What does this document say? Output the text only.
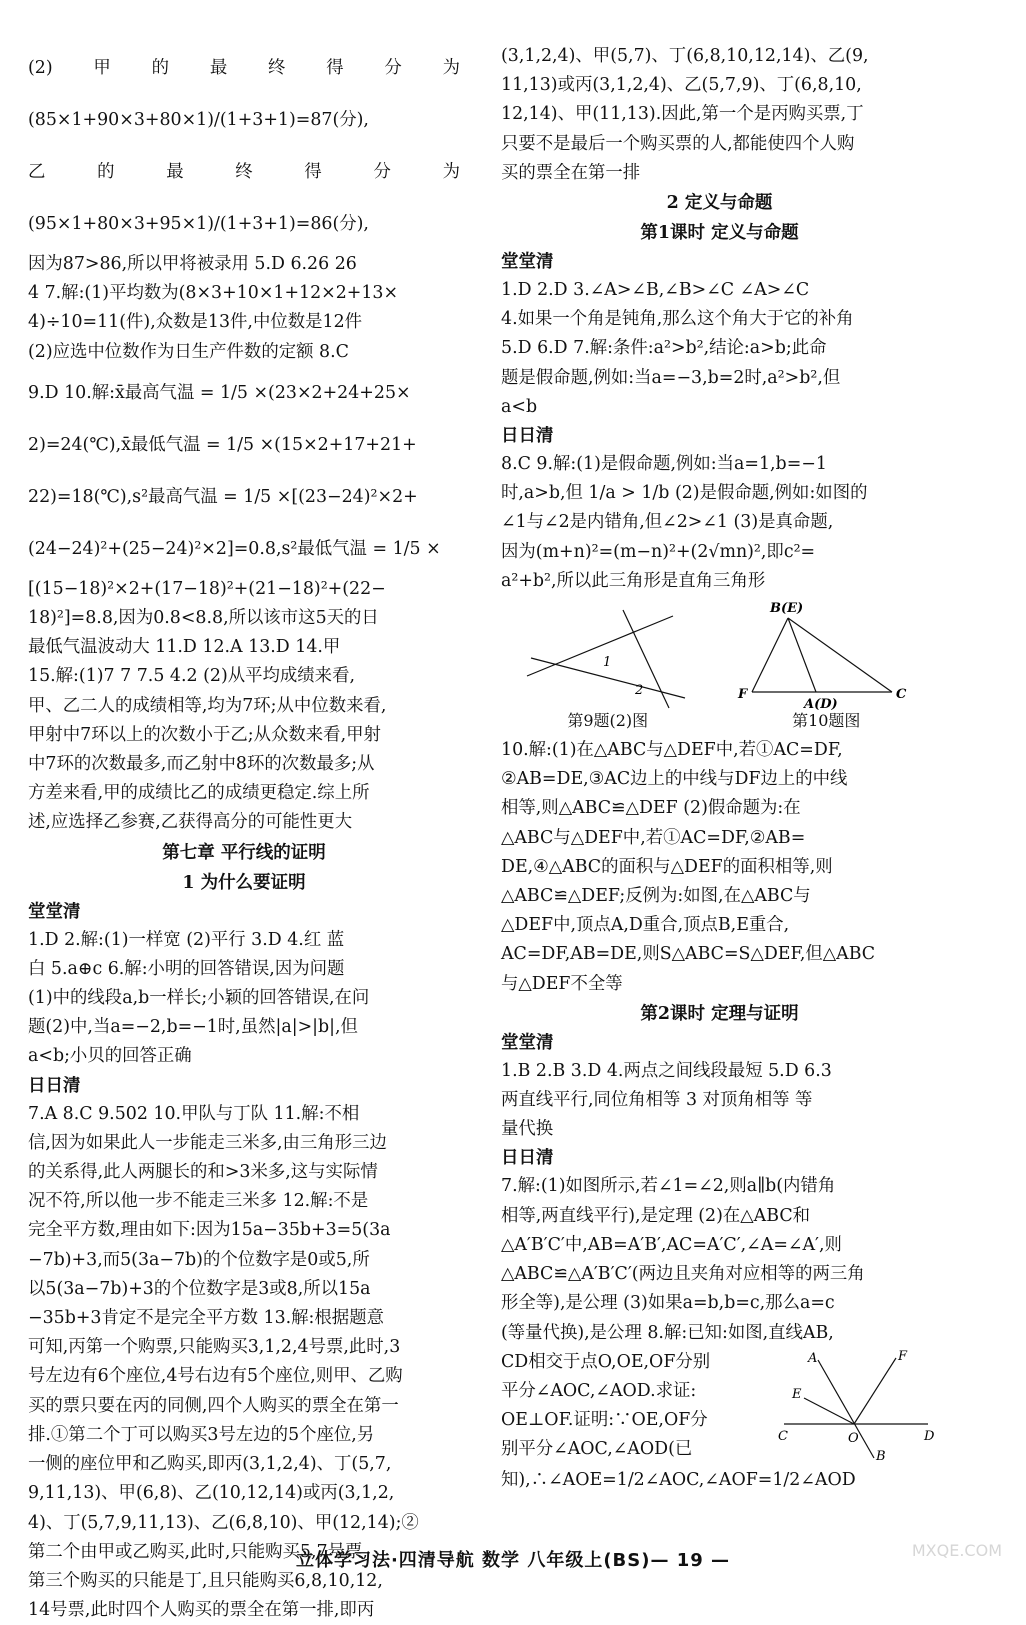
(2)甲的最终得分为(85×1+90×3+80×1)/(1+3+1)=87(分),

乙的最终得分为(95×1+80×3+95×1)/(1+3+1)=86(分),

因为87>86,所以甲将被录用 5.D 6.26 26

4 7.解:(1)平均数为(8×3+10×1+12×2+13×

4)÷10=11(件),众数是13件,中位数是12件

(2)应选中位数作为日生产件数的定额 8.C

9.D 10.解:x̄最高气温 = 1/5 ×(23×2+24+25×

2)=24(℃),x̄最低气温 = 1/5 ×(15×2+17+21+

22)=18(℃),s²最高气温 = 1/5 ×[(23−24)²×2+

(24−24)²+(25−24)²×2]=0.8,s²最低气温 = 1/5 ×

[(15−18)²×2+(17−18)²+(21−18)²+(22−

18)²]=8.8,因为0.8<8.8,所以该市这5天的日

最低气温波动大 11.D 12.A 13.D 14.甲

15.解:(1)7 7 7.5 4.2 (2)从平均成绩来看,

甲、乙二人的成绩相等,均为7环;从中位数来看,

甲射中7环以上的次数小于乙;从众数来看,甲射

中7环的次数最多,而乙射中8环的次数最多;从

方差来看,甲的成绩比乙的成绩更稳定.综上所

述,应选择乙参赛,乙获得高分的可能性更大

第七章 平行线的证明

1 为什么要证明

堂堂清

1.D 2.解:(1)一样宽 (2)平行 3.D 4.红 蓝

白 5.a⊕c 6.解:小明的回答错误,因为问题

(1)中的线段a,b一样长;小颖的回答错误,在问

题(2)中,当a=−2,b=−1时,虽然|a|>|b|,但

a<b;小贝的回答正确

日日清

7.A 8.C 9.502 10.甲队与丁队 11.解:不相

信,因为如果此人一步能走三米多,由三角形三边

的关系得,此人两腿长的和>3米多,这与实际情

况不符,所以他一步不能走三米多 12.解:不是

完全平方数,理由如下:因为15a−35b+3=5(3a

−7b)+3,而5(3a−7b)的个位数字是0或5,所

以5(3a−7b)+3的个位数字是3或8,所以15a

−35b+3肯定不是完全平方数 13.解:根据题意

可知,丙第一个购票,只能购买3,1,2,4号票,此时,3

号左边有6个座位,4号右边有5个座位,则甲、乙购

买的票只要在丙的同侧,四个人购买的票全在第一

排.①第二个丁可以购买3号左边的5个座位,另

一侧的座位甲和乙购买,即丙(3,1,2,4)、丁(5,7,

9,11,13)、甲(6,8)、乙(10,12,14)或丙(3,1,2,

4)、丁(5,7,9,11,13)、乙(6,8,10)、甲(12,14);②

第二个由甲或乙购买,此时,只能购买5,7号票,

第三个购买的只能是丁,且只能购买6,8,10,12,

14号票,此时四个人购买的票全在第一排,即丙

(3,1,2,4)、甲(5,7)、丁(6,8,10,12,14)、乙(9,

11,13)或丙(3,1,2,4)、乙(5,7,9)、丁(6,8,10,

12,14)、甲(11,13).因此,第一个是丙购买票,丁

只要不是最后一个购买票的人,都能使四个人购

买的票全在第一排

2 定义与命题

第1课时 定义与命题

堂堂清

1.D 2.D 3.∠A>∠B,∠B>∠C ∠A>∠C

4.如果一个角是钝角,那么这个角大于它的补角

5.D 6.D 7.解:条件:a²>b²,结论:a>b;此命

题是假命题,例如:当a=−3,b=2时,a²>b²,但

a<b

日日清

8.C 9.解:(1)是假命题,例如:当a=1,b=−1

时,a>b,但 1/a > 1/b (2)是假命题,例如:如图的

∠1与∠2是内错角,但∠2>∠1 (3)是真命题,

因为(m+n)²=(m−n)²+(2√mn)²,即c²=

a²+b²,所以此三角形是直角三角形

1
2
第9题(2)图
B(E)
F
A(D)
C
第10题图

10.解:(1)在△ABC与△DEF中,若①AC=DF,

②AB=DE,③AC边上的中线与DF边上的中线

相等,则△ABC≌△DEF (2)假命题为:在

△ABC与△DEF中,若①AC=DF,②AB=

DE,④△ABC的面积与△DEF的面积相等,则

△ABC≌△DEF;反例为:如图,在△ABC与

△DEF中,顶点A,D重合,顶点B,E重合,

AC=DF,AB=DE,则S△ABC=S△DEF,但△ABC

与△DEF不全等

第2课时 定理与证明

堂堂清

1.B 2.B 3.D 4.两点之间线段最短 5.D 6.3

两直线平行,同位角相等 3 对顶角相等 等

量代换

日日清

7.解:(1)如图所示,若∠1=∠2,则a∥b(内错角

相等,两直线平行),是定理 (2)在△ABC和

△A′B′C′中,AB=A′B′,AC=A′C′,∠A=∠A′,则

△ABC≌△A′B′C′(两边且夹角对应相等的两三角

形全等),是公理 (3)如果a=b,b=c,那么a=c

(等量代换),是公理 8.解:已知:如图,直线AB,

A	F
E
C	O	D
B

CD相交于点O,OE,OF分别

平分∠AOC,∠AOD.求证:

OE⊥OF.证明:∵OE,OF分

别平分∠AOC,∠AOD(已

知),∴∠AOE=1/2∠AOC,∠AOF=1/2∠AOD

立体学习法·四清导航 数学 八年级上(BS)— 19 —	MXQE.COM
